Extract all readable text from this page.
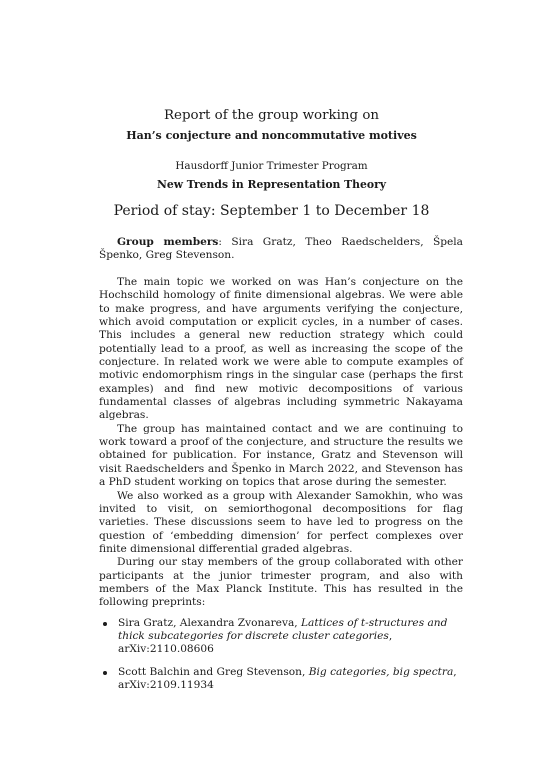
Report of the group working on
Han’s conjecture and noncommutative motives
Hausdorff Junior Trimester Program
New Trends in Representation Theory
Period of stay: September 1 to December 18

Group members: Sira Gratz, Theo Raedschelders, Špela Špenko, Greg Stevenson.

The main topic we worked on was Han’s conjecture on the Hochschild homology of finite dimensional algebras. We were able to make progress, and have arguments verifying the conjecture, which avoid computation or explicit cycles, in a number of cases. This includes a general new reduction strategy which could potentially lead to a proof, as well as increasing the scope of the conjecture. In related work we were able to compute examples of motivic endomorphism rings in the singular case (perhaps the first examples) and find new motivic decompositions of various fundamental classes of algebras including symmetric Nakayama algebras.

The group has maintained contact and we are continuing to work toward a proof of the conjecture, and structure the results we obtained for publication. For instance, Gratz and Stevenson will visit Raedschelders and Špenko in March 2022, and Stevenson has a PhD student working on topics that arose during the semester.

We also worked as a group with Alexander Samokhin, who was invited to visit, on semiorthogonal decompositions for flag varieties. These discussions seem to have led to progress on the question of ‘embedding dimension’ for perfect complexes over finite dimensional differential graded algebras.

During our stay members of the group collaborated with other participants at the junior trimester program, and also with members of the Max Planck Institute. This has resulted in the following preprints:

Sira Gratz, Alexandra Zvonareva, Lattices of t-structures and thick subcategories for discrete cluster categories, arXiv:2110.08606
Scott Balchin and Greg Stevenson, Big categories, big spectra, arXiv:2109.11934
